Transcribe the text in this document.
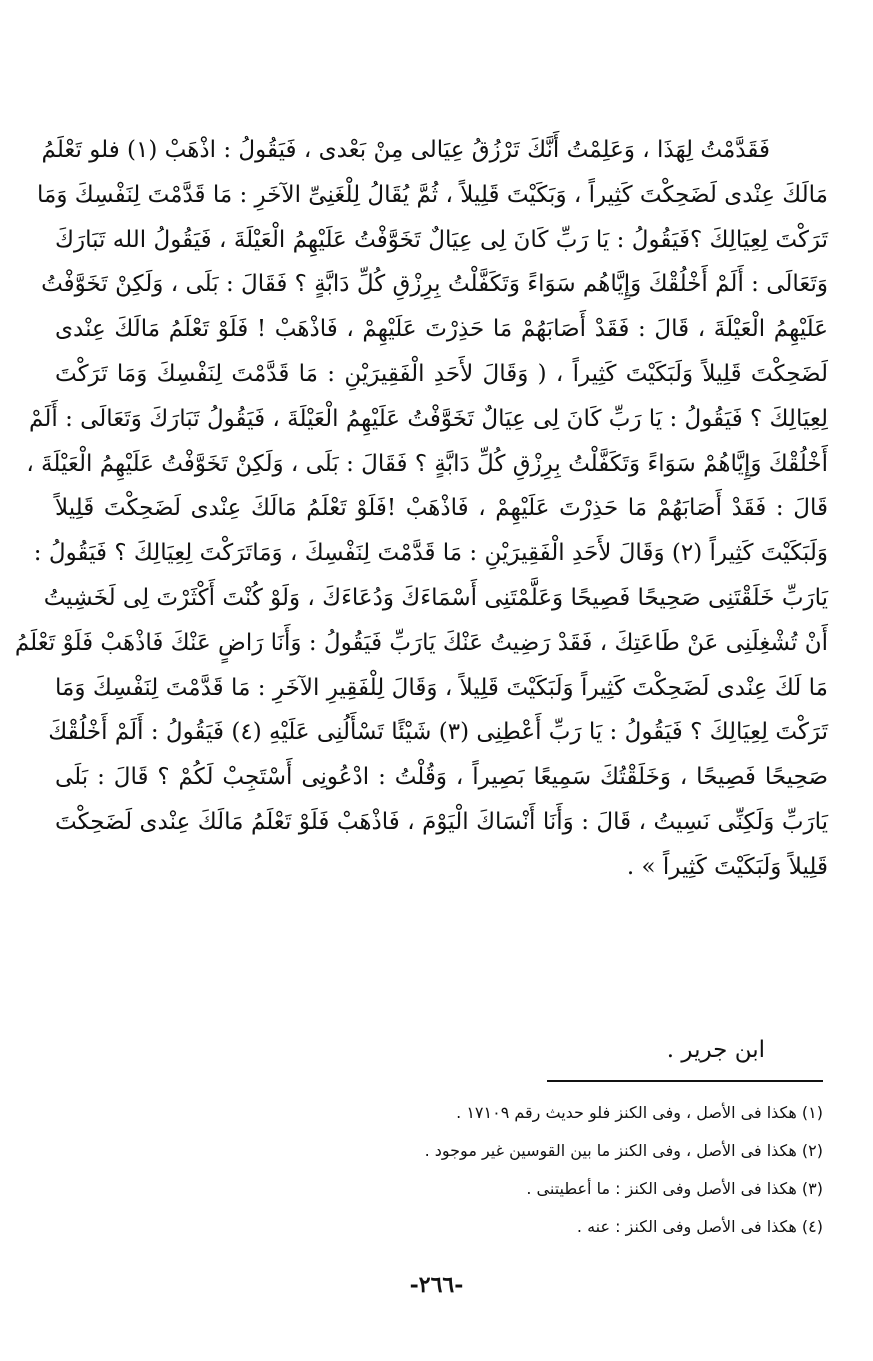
فَقَدَّمْتُ لِهَذَا ، وَعَلِمْتُ أَنَّكَ تَرْزُقُ عِيَالى مِنْ بَعْدى ، فَيَقُولُ : اذْهَبْ (١) فلو تَعْلَمُ
مَالَكَ عِنْدى لَضَحِكْتَ كَثِيراً ، وَبَكَيْتَ قَلِيلاً ، ثُمَّ يُقَالُ لِلْغَنِىِّ الآخَرِ : مَا قَدَّمْتَ لِنَفْسِكَ وَمَا
تَرَكْتَ لِعِيَالِكَ ؟فَيَقُولُ : يَا رَبِّ كَانَ لِى عِيَالٌ تَخَوَّفْتُ عَلَيْهِمُ الْعَيْلَةَ ، فَيَقُولُ الله تَبَارَكَ
وَتَعَالَى : أَلَمْ أَخْلُقْكَ وَإِيَّاهُم سَوَاءً وَتَكَفَّلْتُ بِرِزْقِ كُلِّ دَابَّةٍ ؟ فَقَالَ : بَلَى ، وَلَكِنْ تَخَوَّفْتُ
عَلَيْهِمُ الْعَيْلَةَ ، قَالَ : فَقَدْ أَصَابَهُمْ مَا حَذِرْتَ عَلَيْهِمْ ، فَاذْهَبْ ! فَلَوْ تَعْلَمُ مَالَكَ عِنْدى
لَضَحِكْتَ قَلِيلاً وَلَبَكَيْتَ كَثِيراً ، ( وَقَالَ لأَحَدِ الْفَقِيرَيْنِ : مَا قَدَّمْتَ لِنَفْسِكَ وَمَا تَرَكْتَ
لِعِيَالِكَ ؟ فَيَقُولُ : يَا رَبِّ كَانَ لِى عِيَالٌ تَخَوَّفْتُ عَلَيْهِمُ الْعَيْلَةَ ، فَيَقُولُ تَبَارَكَ وَتَعَالَى : أَلَمْ
أَخْلُقْكَ وَإِيَّاهُمْ سَوَاءً وَتَكَفَّلْتُ بِرِزْقِ كُلِّ دَابَّةٍ ؟ فَقَالَ : بَلَى ، وَلَكِنْ تَخَوَّفْتُ عَلَيْهِمُ الْعَيْلَةَ ،
قَالَ : فَقَدْ أَصَابَهُمْ مَا حَذِرْتَ عَلَيْهِمْ ، فَاذْهَبْ !فَلَوْ تَعْلَمُ مَالَكَ عِنْدى لَضَحِكْتَ قَلِيلاً
وَلَبَكَيْتَ كَثِيراً (٢) وَقَالَ لأَحَدِ الْفَقِيرَيْنِ : مَا قَدَّمْتَ لِنَفْسِكَ ، وَمَاتَرَكْتَ لِعِيَالِكَ ؟ فَيَقُولُ :
يَارَبِّ خَلَقْتَنِى صَحِيحًا فَصِيحًا وَعَلَّمْتَنِى أَسْمَاءَكَ وَدُعَاءَكَ ، وَلَوْ كُنْتَ أَكْثَرْتَ لِى لَخَشِيتُ
أَنْ تُشْغِلَنِى عَنْ طَاعَتِكَ ، فَقَدْ رَضِيتُ عَنْكَ يَارَبِّ فَيَقُولُ : وَأَنَا رَاضٍ عَنْكَ فَاذْهَبْ فَلَوْ تَعْلَمُ
مَا لَكَ عِنْدى لَضَحِكْتَ كَثِيراً وَلَبَكَيْتَ قَلِيلاً ، وَقَالَ لِلْفَقِيرِ الآخَرِ : مَا قَدَّمْتَ لِنَفْسِكَ وَمَا
تَرَكْتَ لِعِيَالِكَ ؟ فَيَقُولُ : يَا رَبِّ أَعْطِنِى (٣) شَيْئًا تَسْأَلُنِى عَلَيْهِ (٤) فَيَقُولُ : أَلَمْ أَخْلُقْكَ
صَحِيحًا فَصِيحًا ، وَخَلَقْتُكَ سَمِيعًا بَصِيراً ، وَقُلْتُ : ادْعُونِى أَسْتَجِبْ لَكُمْ ؟ قَالَ : بَلَى
يَارَبِّ وَلَكِنِّى نَسِيتُ ، قَالَ : وَأَنَا أَنْسَاكَ الْيَوْمَ ، فَاذْهَبْ فَلَوْ تَعْلَمُ مَالَكَ عِنْدى لَضَحِكْتَ
قَلِيلاً وَلَبَكَيْتَ كَثِيراً » .
ابن جرير .
(١) هكذا فى الأصل ، وفى الكنز فلو حديث رقم ١٧١٠٩ .
(٢) هكذا فى الأصل ، وفى الكنز ما بين القوسين غير موجود .
(٣) هكذا فى الأصل وفى الكنز : ما أعطيتنى .
(٤) هكذا فى الأصل وفى الكنز : عنه .
-٢٦٦-
